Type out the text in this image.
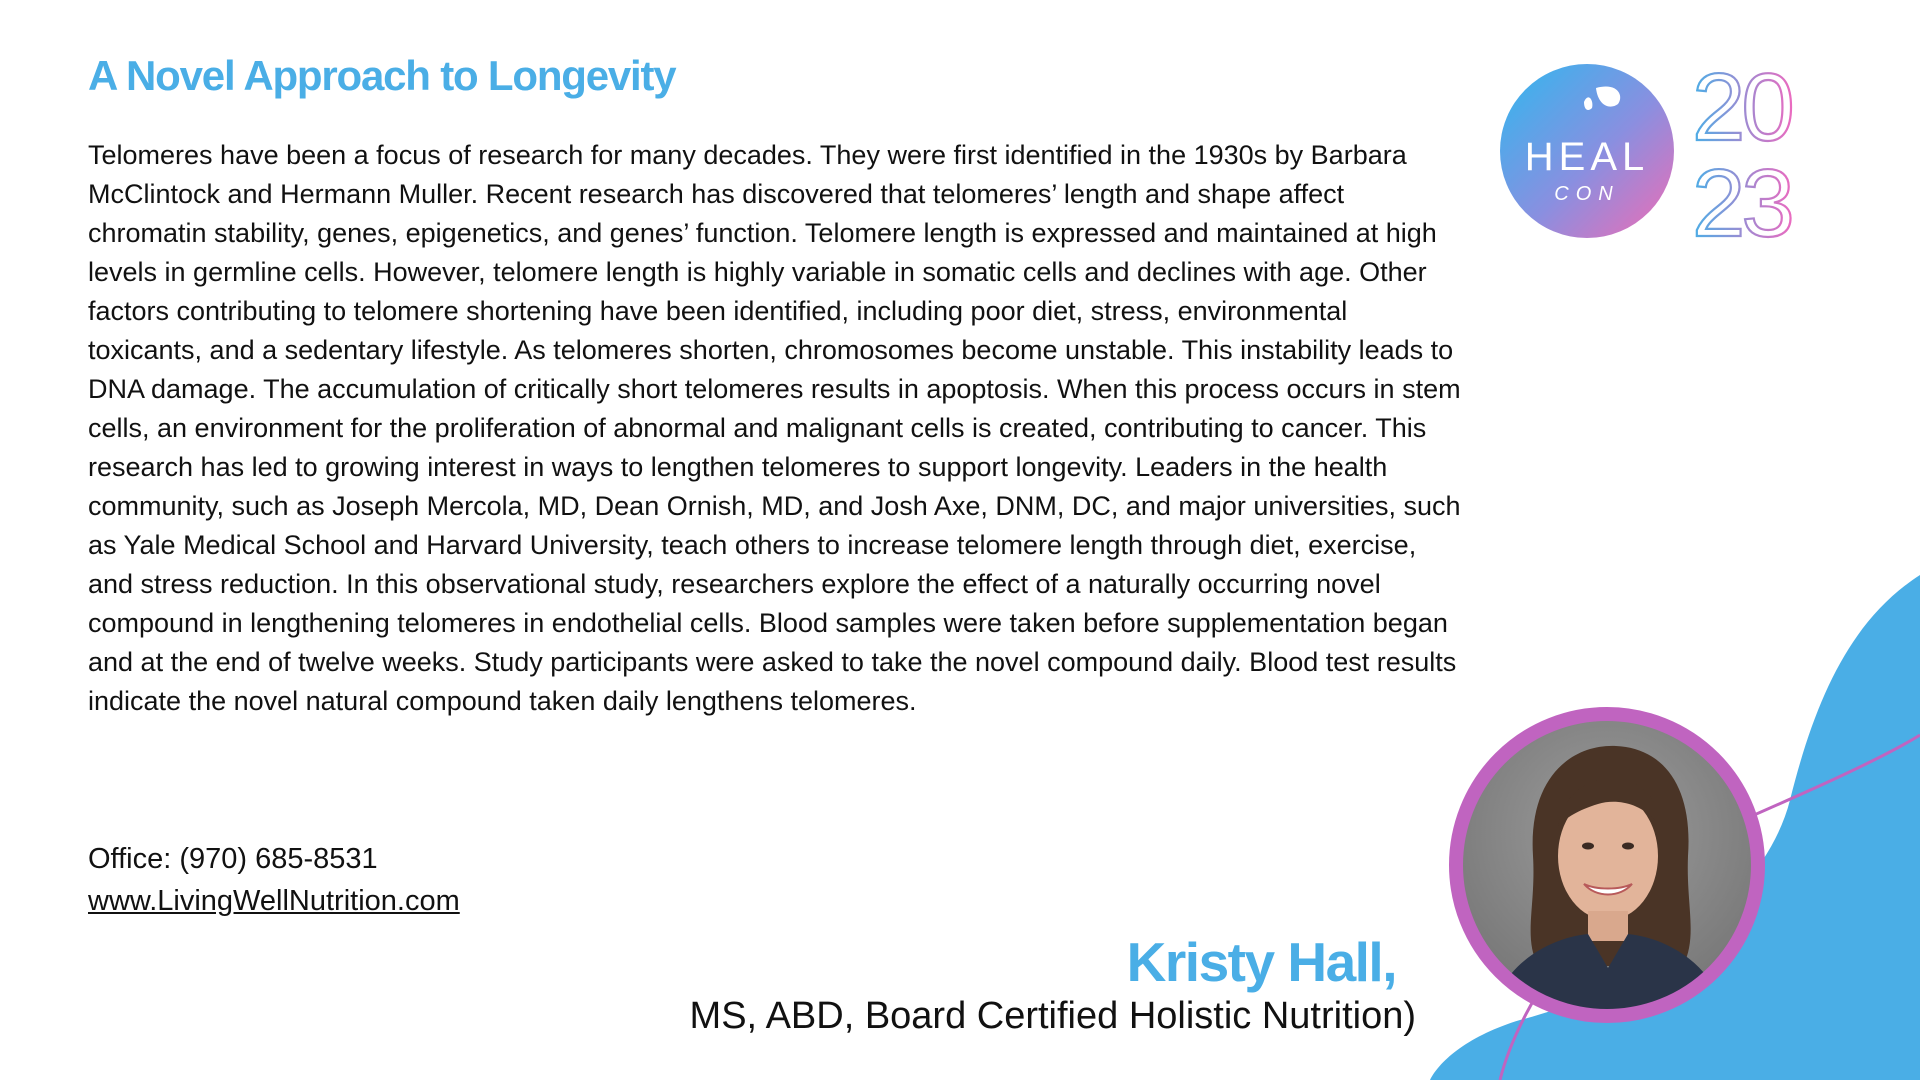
A Novel Approach to Longevity

Telomeres have been a focus of research for many decades. They were first identified in the 1930s by Barbara McClintock and Hermann Muller. Recent research has discovered that telomeres’ length and shape affect chromatin stability, genes, epigenetics, and genes’ function. Telomere length is expressed and maintained at high levels in germline cells. However, telomere length is highly variable in somatic cells and declines with age. Other factors contributing to telomere shortening have been identified, including poor diet, stress, environmental toxicants, and a sedentary lifestyle. As telomeres shorten, chromosomes become unstable. This instability leads to DNA damage. The accumulation of critically short telomeres results in apoptosis. When this process occurs in stem cells, an environment for the proliferation of abnormal and malignant cells is created, contributing to cancer. This research has led to growing interest in ways to lengthen telomeres to support longevity. Leaders in the health community, such as Joseph Mercola, MD, Dean Ornish, MD, and Josh Axe, DNM, DC, and major universities, such as Yale Medical School and Harvard University, teach others to increase telomere length through diet, exercise, and stress reduction. In this observational study, researchers explore the effect of a naturally occurring novel compound in lengthening telomeres in endothelial cells. Blood samples were taken before supplementation began and at the end of twelve weeks. Study participants were asked to take the novel compound daily. Blood test results indicate the novel natural compound taken daily lengthens telomeres.

Office: (970) 685-8531
www.LivingWellNutrition.com
Kristy Hall,
MS, ABD, Board Certified Holistic Nutrition)
HEAL
CON
20
23
